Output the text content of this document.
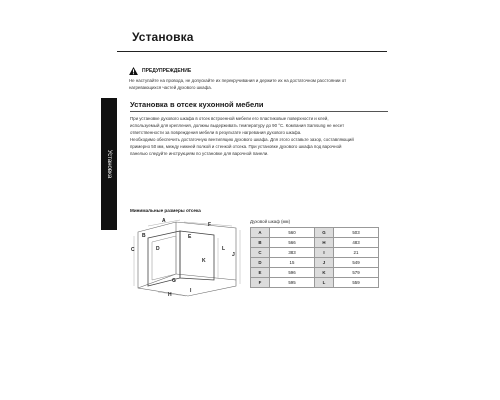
Установка
Установка
ПРЕДУПРЕЖДЕНИЕ
Не наступайте на провода, не допускайте их перекручивания и держите их на достаточном расстоянии от
нагревающихся частей духового шкафа.
Установка в отсек кухонной мебели
При установке духового шкафа в отсек встроенной мебели его пластиковые поверхности и клей,
используемый для крепления, должны выдерживать температуру до 90 °C. Компания Samsung не несет
ответственности за повреждения мебели в результате нагревания духового шкафа.
Необходимо обеспечить достаточную вентиляцию духового шкафа. Для этого оставьте зазор, составляющий
примерно 50 мм, между нижней полкой и стенкой отсека. При установке духового шкафа под варочной
панелью следуйте инструкциям по установке для варочной панели.
Минимальные размеры отсека
A
B
C	D
E
F
G
H
I
J
K
L
Духовой шкаф (мм)
A	560	G	503
B	566	H	483
C	383	I	21
D	15	J	549
E	596	K	579
F	595	L	559
